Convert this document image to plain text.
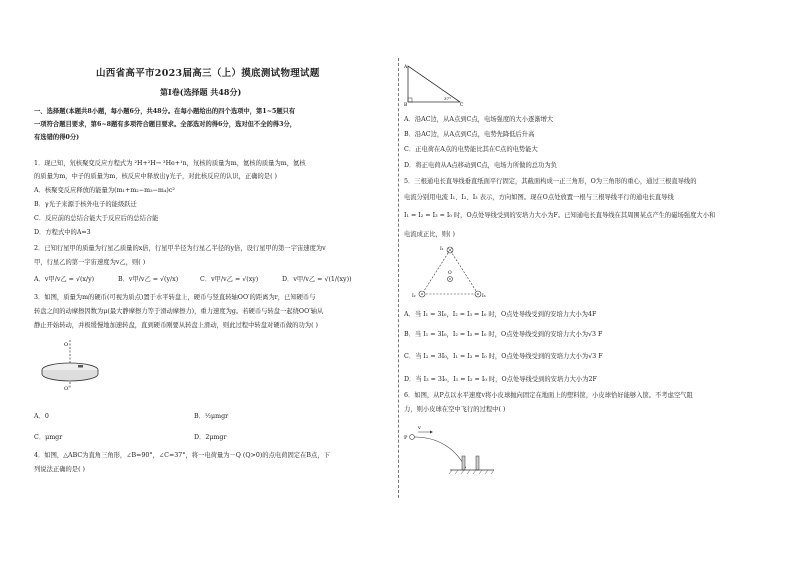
山西省高平市2023届高三（上）摸底测试物理试题
第Ⅰ卷(选择题 共48分)
一、选择题(本题共8小题，每小题6分，共48分。在每小题给出的四个选项中，第1~5题只有
一项符合题目要求，第6~8题有多项符合题目要求。全部选对的得6分，选对但不全的得3分，
有选错的得0分)
1．现已知，氘核聚变反应方程式为 ²H+²H→ ³He+¹n，氘核的质量为m，氦核的质量为m，氦核
的质量为m，中子的质量为m，核反应中释放出γ光子，对此核反应的认识，正确的是( )
A．核聚变反应释放的能量为(m₁+m₂−m₃−m₄)c²
B．γ光子来源于核外电子的能级跃迁
C．反应前的总结合能大于反应后的总结合能
D．方程式中的A=3
2．已知行星甲的质量为行星乙质量的x倍，行星甲半径为行星乙半径的y倍，设行星甲的第一宇宙速度为v
甲，行星乙的第一宇宙速度为v乙，则( )
A．v甲/v乙 = √(x/y)	B．v甲/v乙 = √(y/x)	C．v甲/v乙 = √(xy)	D．v甲/v乙 = √(1/(xy))
3．如图，质量为m的硬币(可视为质点)置于水平转盘上，硬币与竖直转轴OO′的距离为r，已知硬币与
转盘之间的动摩擦因数为μ(最大静摩擦力等于滑动摩擦力)，重力速度为g。若硬币与转盘一起绕OO′轴从
静止开始转动，并极缓慢地加速转盘，直到硬币刚要从转盘上滑动，则此过程中转盘对硬币做的功为( )
O
O′
A．0	B．½μmgr
C．μmgr	D．2μmgr
4．如图，△ABC为直角三角形，∠B=90°，∠C=37°，将一电荷量为－Q (Q>0)的点电荷固定在B点，下
列说法正确的是( )
A
B	C
37°
A．沿AC边，从A点到C点，电场强度的大小逐渐增大
B．沿AC边，从A点到C点，电势先降低后升高
C．正电荷在A点的电势能比其在C点的电势能大
D．将正电荷从A点移动到C点，电场力所做的总功为负
5．三根通电长直导线垂直纸面平行固定，其截面构成一正三角形，O为三角形的重心，通过三根直导线的
电流分别用电流 I₁、I₂、I₃ 表示，方向如图。现在O点处放置一根与三根导线平行的通电长直导线
I₁ = I₂ = I₃ = I₀ 时，O点处导线受到的安培力大小为F。已知通电长直导线在其周围某点产生的磁场强度大小和
电流成正比，则( )
I₁
I₂	I₃
O
A．当 I₁ = 3I₀，I₂ = I₃ = I₀ 时，O点处导线受到的安培力大小为4F
B．当 I₁ = 3I₀，I₂ = I₃ = I₀ 时，O点处导线受到的安培力大小为√3 F
C．当 I₂ = 3I₀，I₁ = I₃ = I₀ 时，O点处导线受到的安培力大小为√3 F
D．当 I₃ = 3I₀，I₁ = I₂ = I₀ 时，O点处导线受到的安培力大小为2F
6．如图，从P点以水平速度v将小皮球抛向固定在地面上的塑料筐，小皮球恰好能够入筐。不考虑空气阻
力，则小皮球在空中飞行的过程中( )
P
v
